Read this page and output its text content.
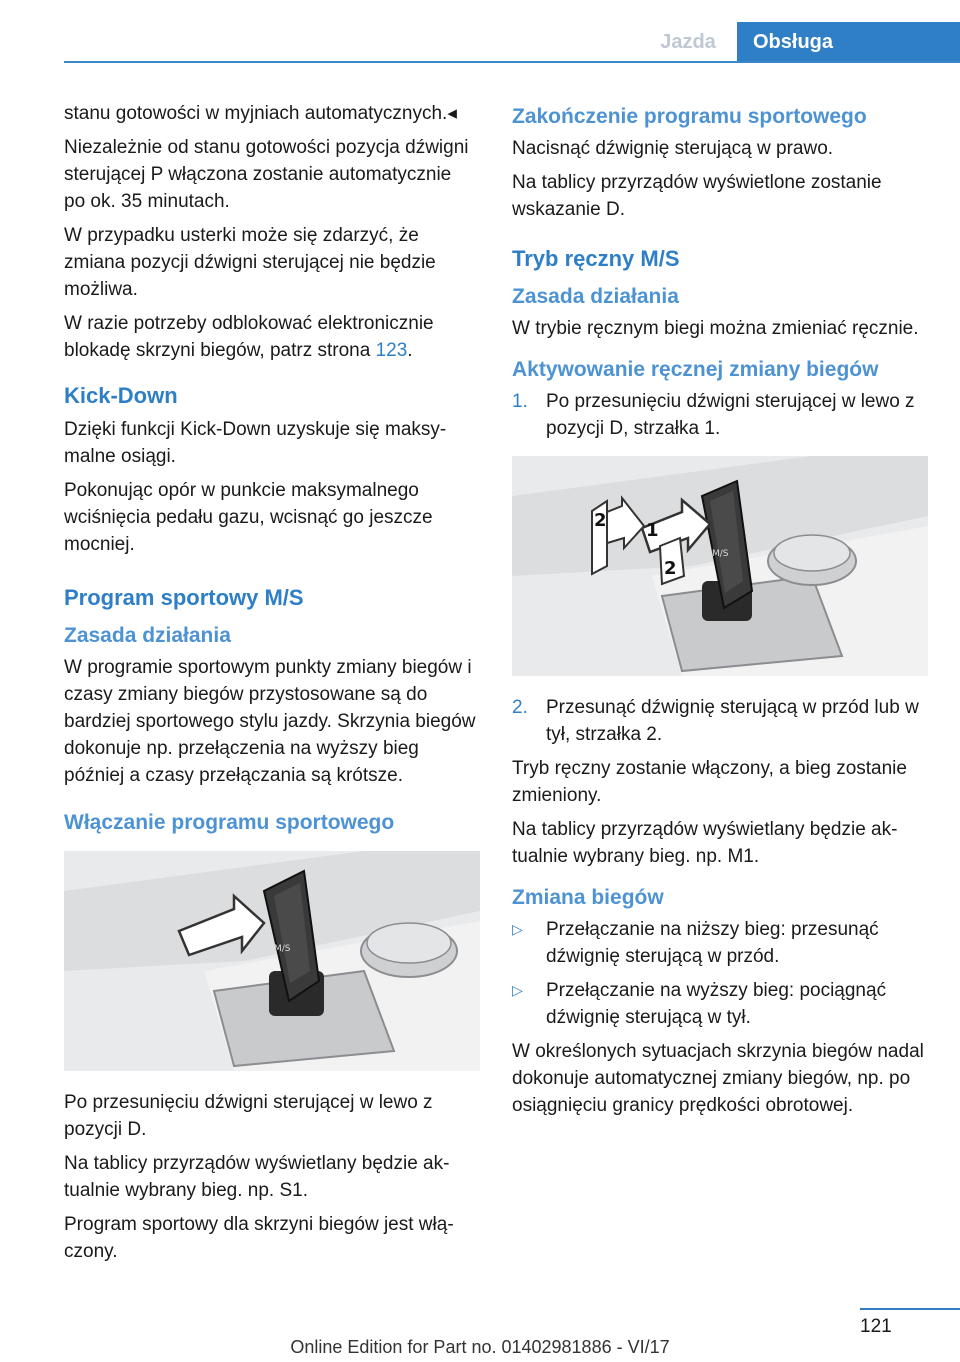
Jazda	Obsługa

stanu gotowości w myjniach automatycznych.◂

Niezależnie od stanu gotowości pozycja dźwigni sterującej P włączona zostanie automatycznie po ok. 35 minutach.

W przypadku usterki może się zdarzyć, że zmiana pozycji dźwigni sterującej nie będzie możliwa.

W razie potrzeby odblokować elektronicznie blokadę skrzyni biegów, patrz strona 123.

Kick-Down

Dzięki funkcji Kick-Down uzyskuje się maksymalne osiągi.

Pokonując opór w punkcie maksymalnego wciśnięcia pedału gazu, wcisnąć go jeszcze mocniej.

Program sportowy M/S
Zasada działania

W programie sportowym punkty zmiany biegów i czasy zmiany biegów przystosowane są do bardziej sportowego stylu jazdy. Skrzynia biegów dokonuje np. przełączenia na wyższy bieg później a czasy przełączania są krótsze.

Włączanie programu sportowego
M/S

Po przesunięciu dźwigni sterującej w lewo z pozycji D.

Na tablicy przyrządów wyświetlany będzie aktualnie wybrany bieg. np. S1.

Program sportowy dla skrzyni biegów jest włączony.

Zakończenie programu sportowego

Nacisnąć dźwignię sterującą w prawo.

Na tablicy przyrządów wyświetlone zostanie wskazanie D.

Tryb ręczny M/S
Zasada działania

W trybie ręcznym biegi można zmieniać ręcznie.

Aktywowanie ręcznej zmiany biegów
1. Po przesunięciu dźwigni sterującej w lewo z pozycji D, strzałka 1.
M/S
1
2
2
2. Przesunąć dźwignię sterującą w przód lub w tył, strzałka 2.

Tryb ręczny zostanie włączony, a bieg zostanie zmieniony.

Na tablicy przyrządów wyświetlany będzie aktualnie wybrany bieg. np. M1.

Zmiana biegów
▷	Przełączanie na niższy bieg: przesunąć dźwignię sterującą w przód.
▷	Przełączanie na wyższy bieg: pociągnąć dźwignię sterującą w tył.

W określonych sytuacjach skrzynia biegów nadal dokonuje automatycznej zmiany biegów, np. po osiągnięciu granicy prędkości obrotowej.

121
Online Edition for Part no. 01402981886 - VI/17
